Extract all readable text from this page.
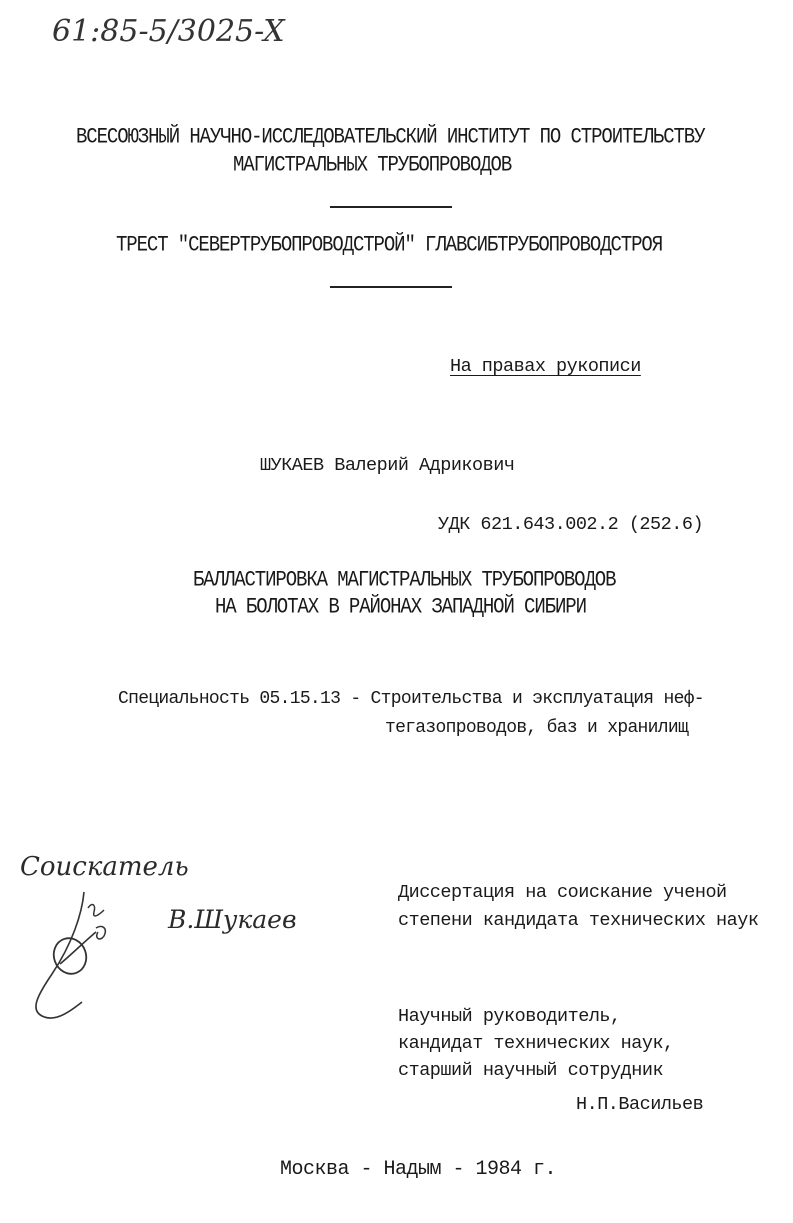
61:85-5/3025-X
ВСЕСОЮЗНЫЙ НАУЧНО-ИССЛЕДОВАТЕЛЬСКИЙ ИНСТИТУТ ПО СТРОИТЕЛЬСТВУ
МАГИСТРАЛЬНЫХ ТРУБОПРОВОДОВ
ТРЕСТ "СЕВЕРТРУБОПРОВОДСТРОЙ" ГЛАВСИБТРУБОПРОВОДСТРОЯ
На правах рукописи
ШУКАЕВ Валерий Адрикович
УДК 621.643.002.2 (252.6)
БАЛЛАСТИРОВКА МАГИСТРАЛЬНЫХ ТРУБОПРОВОДОВ
НА БОЛОТАХ В РАЙОНАХ ЗАПАДНОЙ СИБИРИ
Специальность 05.15.13 - Строительства и эксплуатация неф-
тегазопроводов, баз и хранилищ
Соискатель
В.Шукаев
Диссертация на соискание ученой
степени кандидата технических наук
Научный руководитель,
кандидат технических наук,
старший научный сотрудник
Н.П.Васильев
Москва - Надым - 1984 г.
